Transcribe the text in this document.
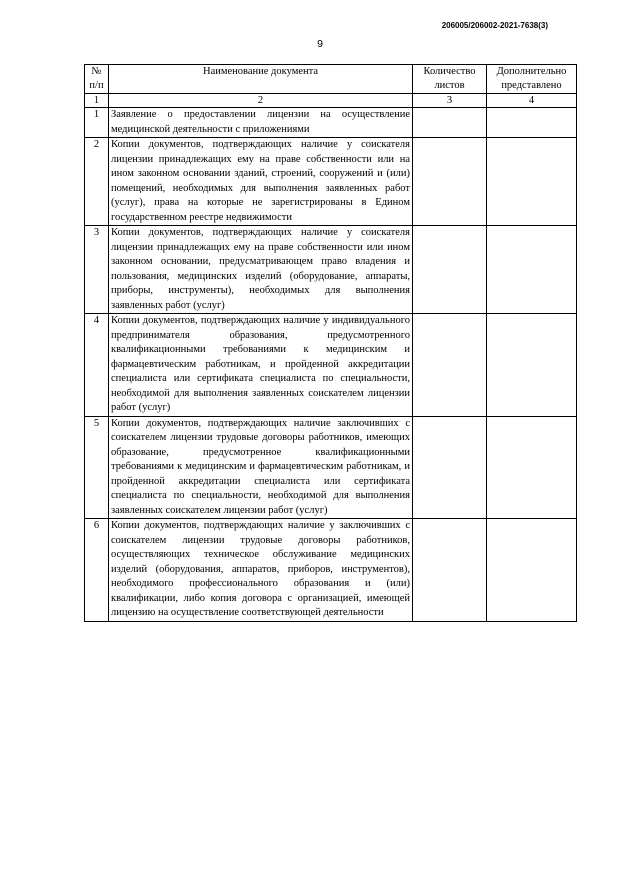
206005/206002-2021-7638(3)
9
№ п/п	Наименование документа	Количество листов	Дополнительно представлено
1	2	3	4
1	Заявление о предоставлении лицензии на осуществление медицинской деятельности с приложениями		
2	Копии документов, подтверждающих наличие у соискателя лицензии принадлежащих ему на праве собственности или на ином законном основании зданий, строений, сооружений и (или) помещений, необходимых для выполнения заявленных работ (услуг), права на которые не зарегистрированы в Едином государственном реестре недвижимости		
3	Копии документов, подтверждающих наличие у соискателя лицензии принадлежащих ему на праве собственности или ином законном основании, предусматривающем право владения и пользования, медицинских изделий (оборудование, аппараты, приборы, инструменты), необходимых для выполнения заявленных работ (услуг)		
4	Копии документов, подтверждающих наличие у индивидуального предпринимателя образования, предусмотренного квалификационными требованиями к медицинским и фармацевтическим работникам, и пройденной аккредитации специалиста или сертификата специалиста по специальности, необходимой для выполнения заявленных соискателем лицензии работ (услуг)		
5	Копии документов, подтверждающих наличие заключивших с соискателем лицензии трудовые договоры работников, имеющих образование, предусмотренное квалификационными требованиями к медицинским и фармацевтическим работникам, и пройденной аккредитации специалиста или сертификата специалиста по специальности, необходимой для выполнения заявленных соискателем лицензии работ (услуг)		
6	Копии документов, подтверждающих наличие у заключивших с соискателем лицензии трудовые договоры работников, осуществляющих техническое обслуживание медицинских изделий (оборудования, аппаратов, приборов, инструментов), необходимого профессионального образования и (или) квалификации, либо копия договора с организацией, имеющей лицензию на осуществление соответствующей деятельности		
